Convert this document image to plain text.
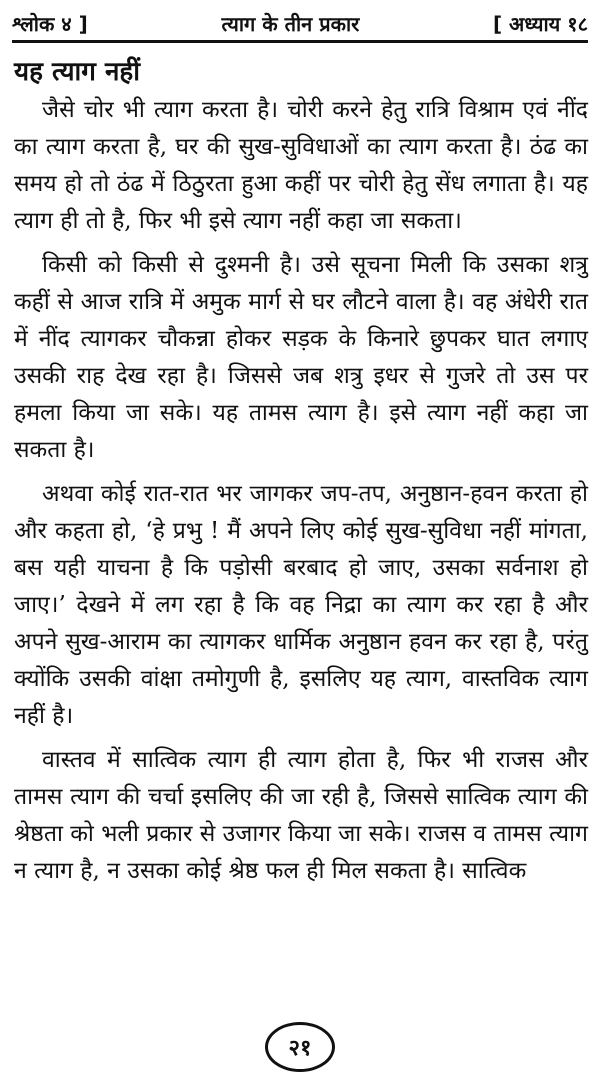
श्लोक ४ ]	त्याग के तीन प्रकार	[ अध्याय १८
यह त्याग नहीं

जैसे चोर भी त्याग करता है। चोरी करने हेतु रात्रि विश्राम एवं नींद का त्याग करता है, घर की सुख-सुविधाओं का त्याग करता है। ठंढ का समय हो तो ठंढ में ठिठुरता हुआ कहीं पर चोरी हेतु सेंध लगाता है। यह त्याग ही तो है, फिर भी इसे त्याग नहीं कहा जा सकता।

किसी को किसी से दुश्मनी है। उसे सूचना मिली कि उसका शत्रु कहीं से आज रात्रि में अमुक मार्ग से घर लौटने वाला है। वह अंधेरी रात में नींद त्यागकर चौकन्ना होकर सड़क के किनारे छुपकर घात लगाए उसकी राह देख रहा है। जिससे जब शत्रु इधर से गुजरे तो उस पर हमला किया जा सके। यह तामस त्याग है। इसे त्याग नहीं कहा जा सकता है।

अथवा कोई रात-रात भर जागकर जप-तप, अनुष्ठान-हवन करता हो और कहता हो, ‘हे प्रभु ! मैं अपने लिए कोई सुख-सुविधा नहीं मांगता, बस यही याचना है कि पड़ोसी बरबाद हो जाए, उसका सर्वनाश हो जाए।’ देखने में लग रहा है कि वह निद्रा का त्याग कर रहा है और अपने सुख-आराम का त्यागकर धार्मिक अनुष्ठान हवन कर रहा है, परंतु क्योंकि उसकी वांक्षा तमोगुणी है, इसलिए यह त्याग, वास्तविक त्याग नहीं है।

वास्तव में सात्विक त्याग ही त्याग होता है, फिर भी राजस और तामस त्याग की चर्चा इसलिए की जा रही है, जिससे सात्विक त्याग की श्रेष्ठता को भली प्रकार से उजागर किया जा सके। राजस व तामस त्याग न त्याग है, न उसका कोई श्रेष्ठ फल ही मिल सकता है। सात्विक

२१
